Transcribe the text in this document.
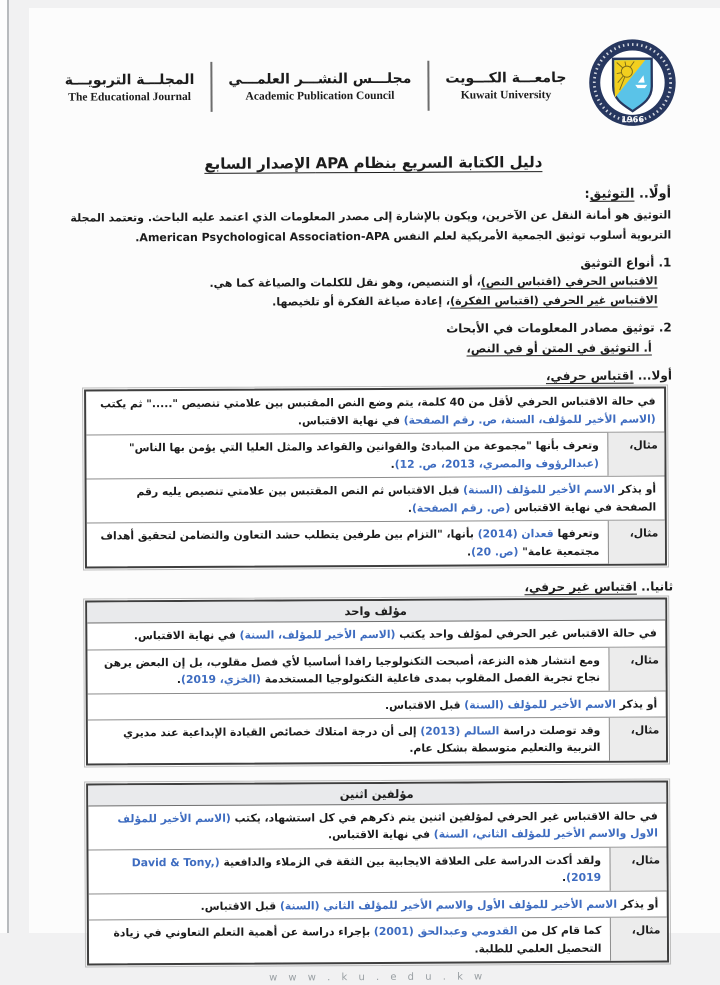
1966
جامعـــة الكـــويت
Kuwait University
مجلـــس النشـــر العلمـــي
Academic Publication Council
المجلـــة التربويـــة
The Educational Journal
دليل الكتابة السريع بنظام APA الإصدار السابع
أولًا.. التوثيق:
التوثيق هو أمانة النقل عن الآخرين، ويكون بالإشارة إلى مصدر المعلومات الذي اعتمد عليه الباحث. وتعتمد المجلة التربوية أسلوب توثيق الجمعية الأمريكية لعلم النفس American Psychological Association-APA.
1. أنواع التوثيق
الاقتباس الحرفي (اقتباس النص)، أو التنصيص، وهو نقل للكلمات والصياغة كما هي.
الاقتباس غير الحرفي (اقتباس الفكرة)، إعادة صياغة الفكرة أو تلخيصها.
2. توثيق مصادر المعلومات في الأبحاث
أ. التوثيق في المتن أو في النص،
أولا... اقتباس حرفي،
في حالة الاقتباس الحرفي لأقل من 40 كلمة، يتم وضع النص المقتبس بين علامتي تنصيص "....." ثم يكتب (الاسم الأخير للمؤلف، السنة، ص. رقم الصفحة) في نهاية الاقتباس.
مثال،
وتعرف بأنها "مجموعة من المبادئ والقوانين والقواعد والمثل العليا التي يؤمن بها الناس" (عبدالرؤوف والمصري، 2013، ص. 12).
أو يذكر الاسم الأخير للمؤلف (السنة) قبل الاقتباس ثم النص المقتبس بين علامتي تنصيص يليه رقم الصفحة في نهاية الاقتباس (ص. رقم الصفحة).
مثال،
وتعرفها قعدان (2014) بأنها، "التزام بين طرفين يتطلب حشد التعاون والتضامن لتحقيق أهداف مجتمعية عامة" (ص. 20).
ثانيا.. اقتباس غير حرفي،
مؤلف واحد
في حالة الاقتباس غير الحرفي لمؤلف واحد يكتب (الاسم الأخير للمؤلف، السنة) في نهاية الاقتباس.
مثال،
ومع انتشار هذه النزعة، أصبحت التكنولوجيا رافدا أساسيا لأي فصل مقلوب، بل إن البعض يرهن نجاح تجربة الفصل المقلوب بمدى فاعلية التكنولوجيا المستخدمة (الخزي، 2019).
أو يذكر الاسم الأخير للمؤلف (السنة) قبل الاقتباس.
مثال،
وقد توصلت دراسة السالم (2013) إلى أن درجة امتلاك خصائص القيادة الإبداعية عند مديري التربية والتعليم متوسطة بشكل عام.
مؤلفين اثنين
في حالة الاقتباس غير الحرفي لمؤلفين اثنين يتم ذكرهم في كل استشهاد، يكتب (الاسم الأخير للمؤلف الاول والاسم الأخير للمؤلف الثاني، السنة) في نهاية الاقتباس.
مثال،
ولقد أكدت الدراسة على العلاقة الايجابية بين الثقة في الزملاء والدافعية (David & Tony, 2019).
أو يذكر الاسم الأخير للمؤلف الأول والاسم الأخير للمؤلف الثاني (السنة) قبل الاقتباس.
مثال،
كما قام كل من القدومي وعبدالحق (2001) بإجراء دراسة عن أهمية التعلم التعاوني في زيادة التحصيل العلمي للطلبة.
w w w . k u . e d u . k w
